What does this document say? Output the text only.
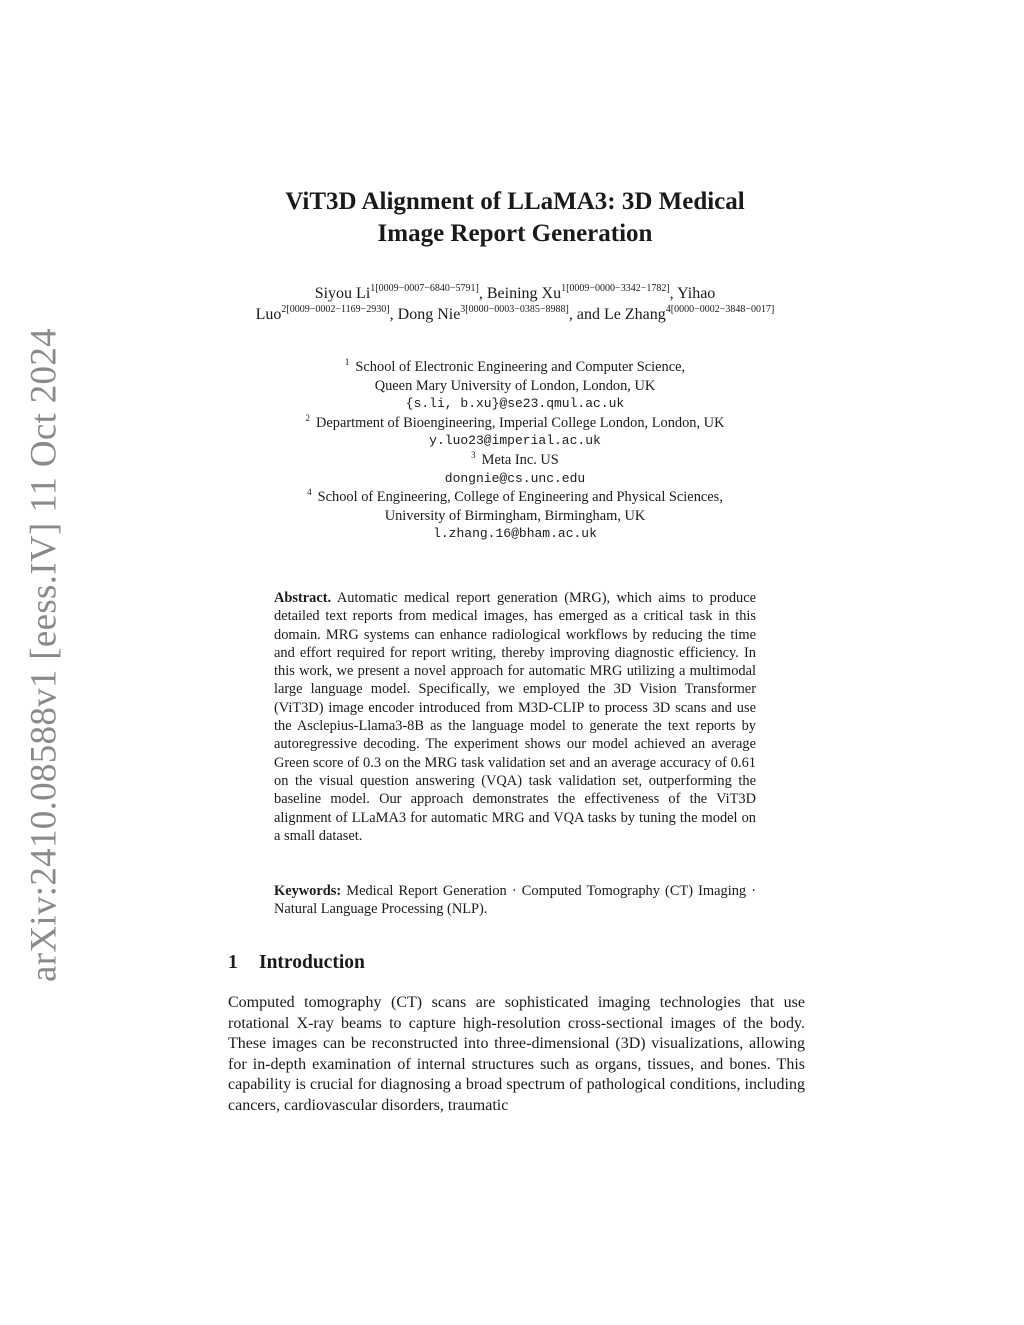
arXiv:2410.08588v1 [eess.IV] 11 Oct 2024
ViT3D Alignment of LLaMA3: 3D Medical
Image Report Generation
Siyou $Li^{1[0009-0007-6840-5791]}$, Beining $Xu^{1[0009-0000-3342-1782]}$, Yihao Luo$^{2[0009-0002-1169-2930]}$, Dong Nie$^{3[0000-0003-0385-8988]}$, and Le Zhang$^{4[0000-0002-3848-0017]}$
$^1$ School of Electronic Engineering and Computer Science,
Queen Mary University of London, London, UK
{s.li, b.xu}@se23.qmul.ac.uk
$^2$ Department of Bioengineering, Imperial College London, London, UK
y.luo23@imperial.ac.uk
$^3$ Meta Inc. US
dongnie@cs.unc.edu
$^4$ School of Engineering, College of Engineering and Physical Sciences,
University of Birmingham, Birmingham, UK
l.zhang.16@bham.ac.uk

Abstract. Automatic medical report generation (MRG), which aims to produce detailed text reports from medical images, has emerged as a critical task in this domain. MRG systems can enhance radiological workflows by reducing the time and effort required for report writing, thereby improving diagnostic efficiency. In this work, we present a novel approach for automatic MRG utilizing a multimodal large language model. Specifically, we employed the 3D Vision Transformer (ViT3D) image encoder introduced from M3D-CLIP to process 3D scans and use the Asclepius-Llama3-8B as the language model to generate the text reports by autoregressive decoding. The experiment shows our model achieved an average Green score of 0.3 on the MRG task validation set and an average accuracy of 0.61 on the visual question answering (VQA) task validation set, outperforming the baseline model. Our approach demonstrates the effectiveness of the ViT3D alignment of LLaMA3 for automatic MRG and VQA tasks by tuning the model on a small dataset.

Keywords: Medical Report Generation · Computed Tomography (CT) Imaging · Natural Language Processing (NLP).

1 Introduction

Computed tomography (CT) scans are sophisticated imaging technologies that use rotational X-ray beams to capture high-resolution cross-sectional images of the body. These images can be reconstructed into three-dimensional (3D) visualizations, allowing for in-depth examination of internal structures such as organs, tissues, and bones. This capability is crucial for diagnosing a broad spectrum of pathological conditions, including cancers, cardiovascular disorders, traumatic
